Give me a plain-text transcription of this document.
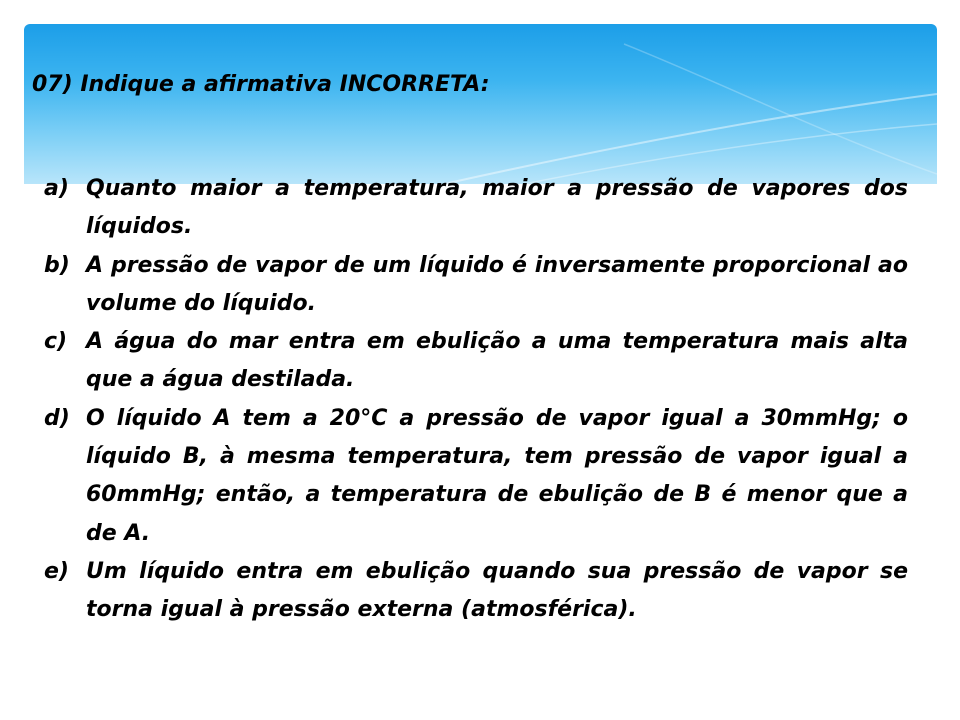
07) Indique a afirmativa INCORRETA:
a) Quanto maior a temperatura, maior a pressão de vapores dos líquidos.
b) A pressão de vapor de um líquido é inversamente proporcional ao volume do líquido.
c) A água do mar entra em ebulição a uma temperatura mais alta que a água destilada.
d) O líquido A tem a 20°C a pressão de vapor igual a 30mmHg; o líquido B, à mesma temperatura, tem pressão de vapor igual a 60mmHg; então, a temperatura de ebulição de B é menor que a de A.
e) Um líquido entra em ebulição quando sua pressão de vapor se torna igual à pressão externa (atmosférica).
